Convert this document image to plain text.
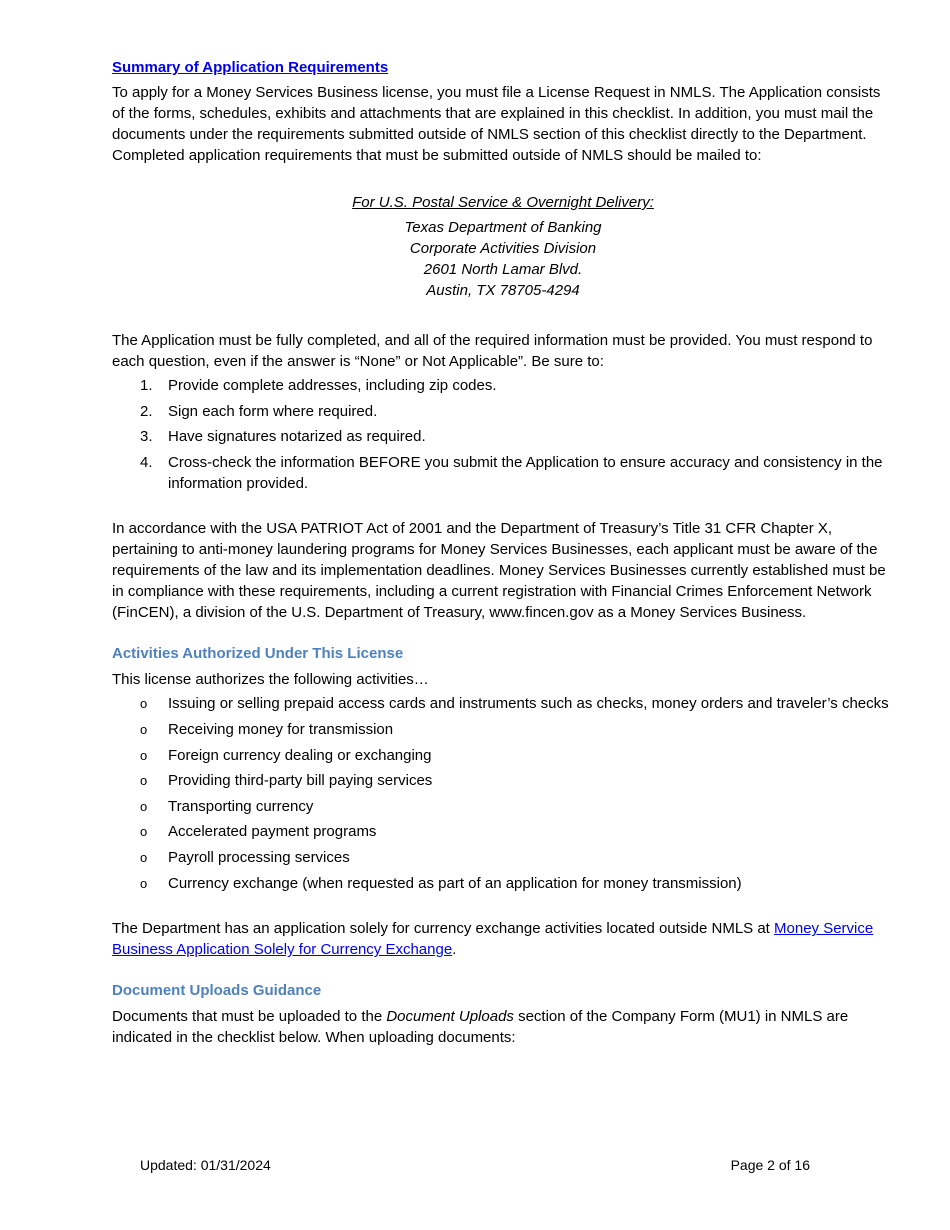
Summary of Application Requirements

To apply for a Money Services Business license, you must file a License Request in NMLS. The Application consists of the forms, schedules, exhibits and attachments that are explained in this checklist. In addition, you must mail the documents under the requirements submitted outside of NMLS section of this checklist directly to the Department. Completed application requirements that must be submitted outside of NMLS should be mailed to:

For U.S. Postal Service & Overnight Delivery:
Texas Department of Banking
Corporate Activities Division
2601 North Lamar Blvd.
Austin, TX 78705-4294

The Application must be fully completed, and all of the required information must be provided. You must respond to each question, even if the answer is “None” or Not Applicable”. Be sure to:

1. Provide complete addresses, including zip codes.
2. Sign each form where required.
3. Have signatures notarized as required.
4. Cross-check the information BEFORE you submit the Application to ensure accuracy and consistency in the information provided.

In accordance with the USA PATRIOT Act of 2001 and the Department of Treasury’s Title 31 CFR Chapter X, pertaining to anti-money laundering programs for Money Services Businesses, each applicant must be aware of the requirements of the law and its implementation deadlines. Money Services Businesses currently established must be in compliance with these requirements, including a current registration with Financial Crimes Enforcement Network (FinCEN), a division of the U.S. Department of Treasury, www.fincen.gov as a Money Services Business.

Activities Authorized Under This License

This license authorizes the following activities…

o Issuing or selling prepaid access cards and instruments such as checks, money orders and traveler’s checks
o Receiving money for transmission
o Foreign currency dealing or exchanging
o Providing third-party bill paying services
o Transporting currency
o Accelerated payment programs
o Payroll processing services
o Currency exchange (when requested as part of an application for money transmission)

The Department has an application solely for currency exchange activities located outside NMLS at Money Service Business Application Solely for Currency Exchange.

Document Uploads Guidance

Documents that must be uploaded to the Document Uploads section of the Company Form (MU1) in NMLS are indicated in the checklist below. When uploading documents:

Updated: 01/31/2024	Page 2 of 16
